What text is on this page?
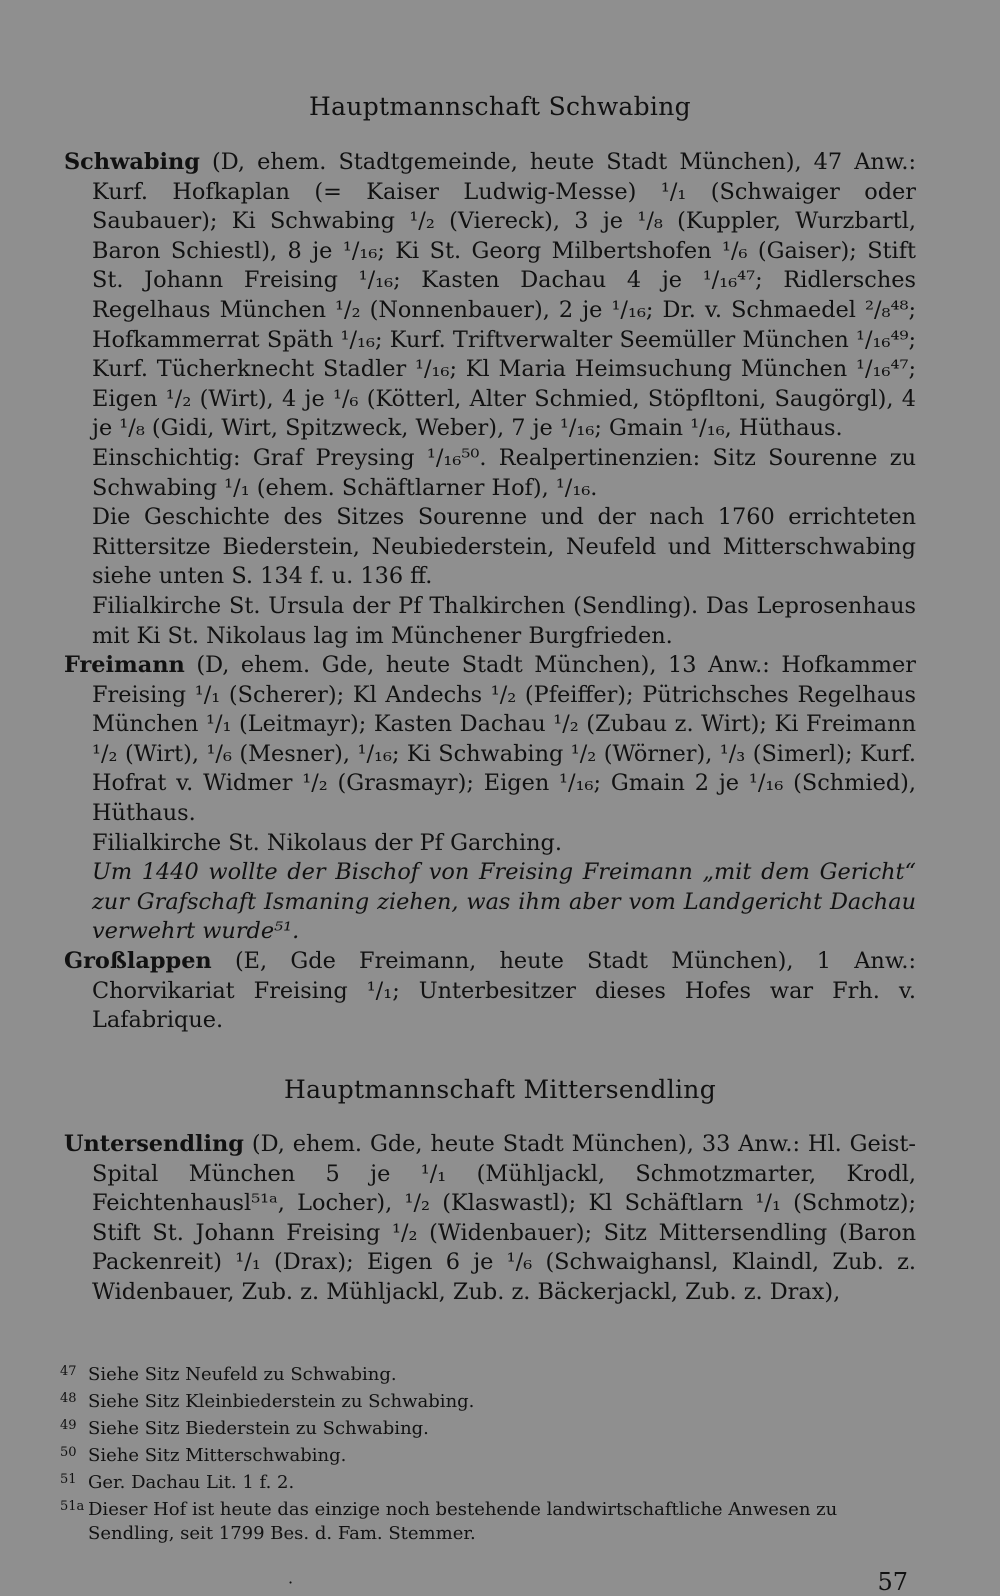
Hauptmannschaft Schwabing

Schwabing (D, ehem. Stadtgemeinde, heute Stadt München), 47 Anw.: Kurf. Hofkaplan (= Kaiser Ludwig-Messe) ¹/₁ (Schwaiger oder Saubauer); Ki Schwabing ¹/₂ (Viereck), 3 je ¹/₈ (Kuppler, Wurzbartl, Baron Schiestl), 8 je ¹/₁₆; Ki St. Georg Milbertshofen ¹/₆ (Gaiser); Stift St. Johann Freising ¹/₁₆; Kasten Dachau 4 je ¹/₁₆⁴⁷; Ridlersches Regelhaus München ¹/₂ (Nonnenbauer), 2 je ¹/₁₆; Dr. v. Schmaedel ²/₈⁴⁸; Hofkammerrat Späth ¹/₁₆; Kurf. Triftverwalter Seemüller München ¹/₁₆⁴⁹; Kurf. Tücherknecht Stadler ¹/₁₆; Kl Maria Heimsuchung München ¹/₁₆⁴⁷; Eigen ¹/₂ (Wirt), 4 je ¹/₆ (Kötterl, Alter Schmied, Stöpfltoni, Saugörgl), 4 je ¹/₈ (Gidi, Wirt, Spitzweck, Weber), 7 je ¹/₁₆; Gmain ¹/₁₆, Hüthaus.

Einschichtig: Graf Preysing ¹/₁₆⁵⁰. Realpertinenzien: Sitz Sourenne zu Schwabing ¹/₁ (ehem. Schäftlarner Hof), ¹/₁₆.

Die Geschichte des Sitzes Sourenne und der nach 1760 errichteten Rittersitze Biederstein, Neubiederstein, Neufeld und Mitterschwabing siehe unten S. 134 f. u. 136 ff.

Filialkirche St. Ursula der Pf Thalkirchen (Sendling). Das Leprosenhaus mit Ki St. Nikolaus lag im Münchener Burgfrieden.

Freimann (D, ehem. Gde, heute Stadt München), 13 Anw.: Hofkammer Freising ¹/₁ (Scherer); Kl Andechs ¹/₂ (Pfeiffer); Pütrichsches Regelhaus München ¹/₁ (Leitmayr); Kasten Dachau ¹/₂ (Zubau z. Wirt); Ki Freimann ¹/₂ (Wirt), ¹/₆ (Mesner), ¹/₁₆; Ki Schwabing ¹/₂ (Wörner), ¹/₃ (Simerl); Kurf. Hofrat v. Widmer ¹/₂ (Grasmayr); Eigen ¹/₁₆; Gmain 2 je ¹/₁₆ (Schmied), Hüthaus.

Filialkirche St. Nikolaus der Pf Garching.

Um 1440 wollte der Bischof von Freising Freimann „mit dem Gericht“ zur Grafschaft Ismaning ziehen, was ihm aber vom Landgericht Dachau verwehrt wurde⁵¹.

Großlappen (E, Gde Freimann, heute Stadt München), 1 Anw.: Chorvikariat Freising ¹/₁; Unterbesitzer dieses Hofes war Frh. v. Lafabrique.

Hauptmannschaft Mittersendling

Untersendling (D, ehem. Gde, heute Stadt München), 33 Anw.: Hl. Geist-Spital München 5 je ¹/₁ (Mühljackl, Schmotzmarter, Krodl, Feichtenhausl⁵¹ᵃ, Locher), ¹/₂ (Klaswastl); Kl Schäftlarn ¹/₁ (Schmotz); Stift St. Johann Freising ¹/₂ (Widenbauer); Sitz Mittersendling (Baron Packenreit) ¹/₁ (Drax); Eigen 6 je ¹/₆ (Schwaighansl, Klaindl, Zub. z. Widenbauer, Zub. z. Mühljackl, Zub. z. Bäckerjackl, Zub. z. Drax),

47 Siehe Sitz Neufeld zu Schwabing.
48 Siehe Sitz Kleinbiederstein zu Schwabing.
49 Siehe Sitz Biederstein zu Schwabing.
50 Siehe Sitz Mitterschwabing.
51 Ger. Dachau Lit. 1 f. 2.
51a Dieser Hof ist heute das einzige noch bestehende landwirtschaftliche Anwesen zu Sendling, seit 1799 Bes. d. Fam. Stemmer.
·	57
